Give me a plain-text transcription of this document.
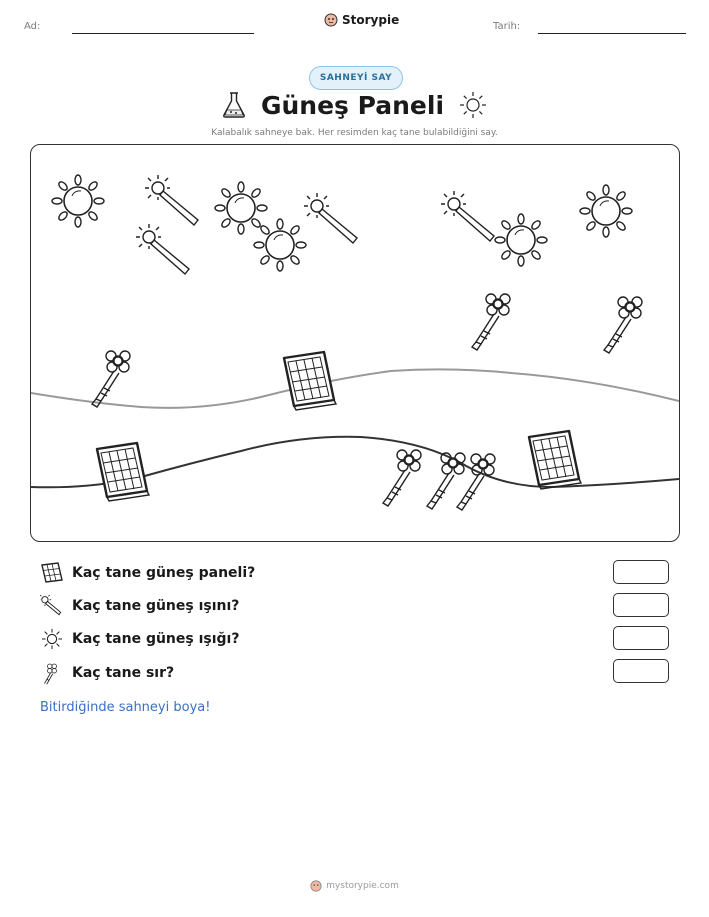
Ad:	Storypie	Tarih:
SAHNEYİ SAY
Güneş Paneli
Kalabalık sahneye bak. Her resimden kaç tane bulabildiğini say.
Kaç tane güneş paneli?
Kaç tane güneş ışını?
Kaç tane güneş ışığı?
Kaç tane sır?
Bitirdiğinde sahneyi boya!
mystorypie.com
